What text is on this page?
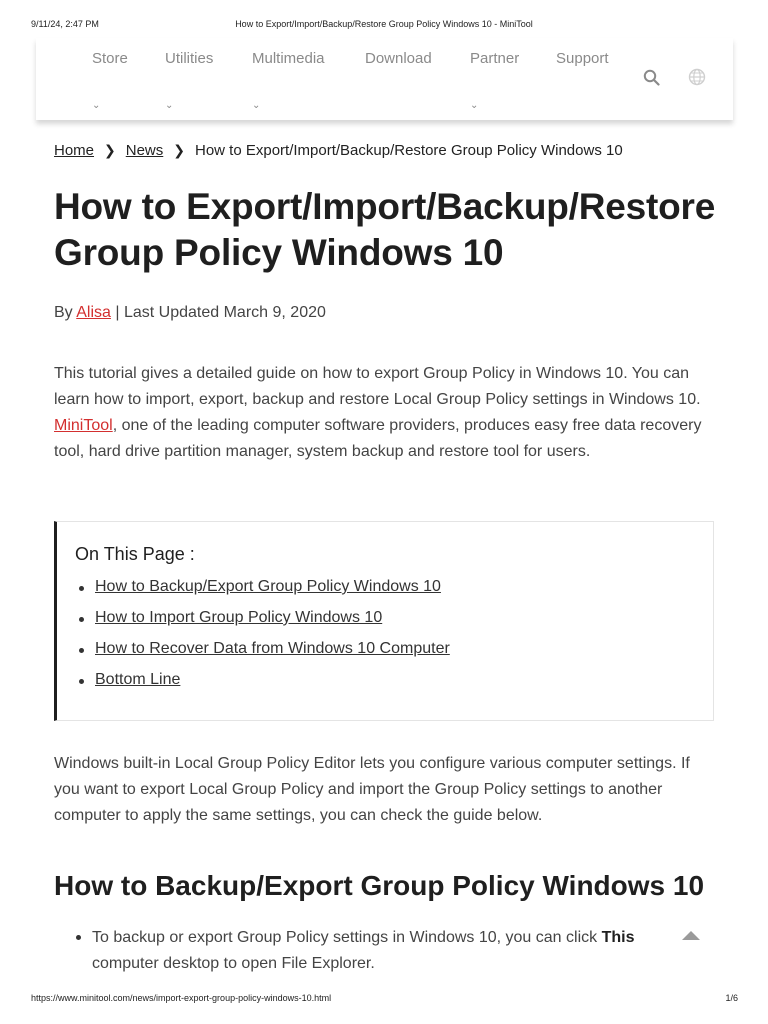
9/11/24, 2:47 PM	How to Export/Import/Backup/Restore Group Policy Windows 10 - MiniTool
Store
⌄
Utilities
⌄
Multimedia
⌄
Download	Partner
⌄
Support
Home ❯ News ❯ How to Export/Import/Backup/Restore Group Policy Windows 10
How to Export/Import/Backup/Restore
Group Policy Windows 10
By Alisa | Last Updated March 9, 2020

This tutorial gives a detailed guide on how to export Group Policy in Windows 10. You can learn how to import, export, backup and restore Local Group Policy settings in Windows 10. MiniTool, one of the leading computer software providers, produces easy free data recovery tool, hard drive partition manager, system backup and restore tool for users.

On This Page :
How to Backup/Export Group Policy Windows 10
How to Import Group Policy Windows 10
How to Recover Data from Windows 10 Computer
Bottom Line

Windows built-in Local Group Policy Editor lets you configure various computer settings. If you want to export Local Group Policy and import the Group Policy settings to another computer to apply the same settings, you can check the guide below.

How to Backup/Export Group Policy Windows 10
To backup or export Group Policy settings in Windows 10, you can click This
computer desktop to open File Explorer.
https://www.minitool.com/news/import-export-group-policy-windows-10.html	1/6
